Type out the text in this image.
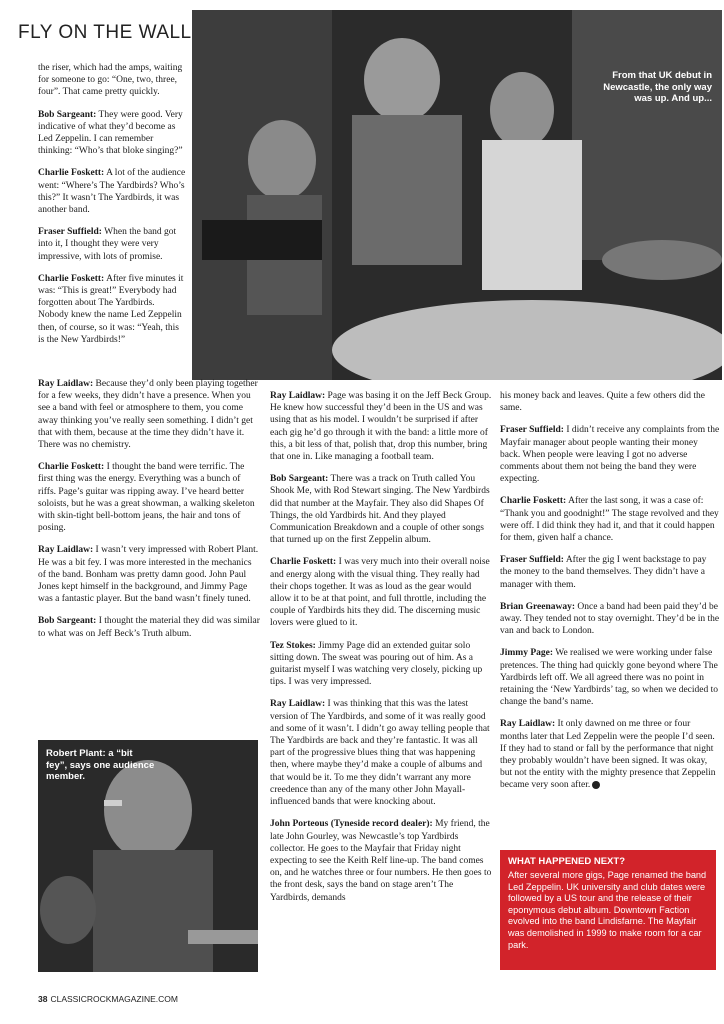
FLY ON THE WALL
From that UK debut in Newcastle, the only way was up. And up...

the riser, which had the amps, waiting for someone to go: “One, two, three, four”. That came pretty quickly.

Bob Sargeant: They were good. Very indicative of what they’d become as Led Zeppelin. I can remember thinking: “Who’s that bloke singing?”

Charlie Foskett: A lot of the audience went: “Where’s The Yardbirds? Who’s this?” It wasn’t The Yardbirds, it was another band.

Fraser Suffield: When the band got into it, I thought they were very impressive, with lots of promise.

Charlie Foskett: After five minutes it was: “This is great!” Everybody had forgotten about The Yardbirds. Nobody knew the name Led Zeppelin then, of course, so it was: “Yeah, this is the New Yardbirds!”

Ray Laidlaw: Because they’d only been playing together for a few weeks, they didn’t have a presence. When you see a band with feel or atmosphere to them, you come away thinking you’ve really seen something. I didn’t get that with them, because at the time they didn’t have it. There was no chemistry.

Charlie Foskett: I thought the band were terrific. The first thing was the energy. Everything was a bunch of riffs. Page’s guitar was ripping away. I’ve heard better soloists, but he was a great showman, a walking skeleton with skin-tight bell-bottom jeans, the hair and tons of posing.

Ray Laidlaw: I wasn’t very impressed with Robert Plant. He was a bit fey. I was more interested in the mechanics of the band. Bonham was pretty damn good. John Paul Jones kept himself in the background, and Jimmy Page was a fantastic player. But the band wasn’t finely tuned.

Bob Sargeant: I thought the material they did was similar to what was on Jeff Beck’s Truth album.

Robert Plant: a “bit fey”, says one audience member.

Ray Laidlaw: Page was basing it on the Jeff Beck Group. He knew how successful they’d been in the US and was using that as his model. I wouldn’t be surprised if after each gig he’d go through it with the band: a little more of this, a bit less of that, polish that, drop this number, bring that one in. Like managing a football team.

Bob Sargeant: There was a track on Truth called You Shook Me, with Rod Stewart singing. The New Yardbirds did that number at the Mayfair. They also did Shapes Of Things, the old Yardbirds hit. And they played Communication Breakdown and a couple of other songs that turned up on the first Zeppelin album.

Charlie Foskett: I was very much into their overall noise and energy along with the visual thing. They really had their chops together. It was as loud as the gear would allow it to be at that point, and full throttle, including the couple of Yardbirds hits they did. The discerning music lovers were glued to it.

Tez Stokes: Jimmy Page did an extended guitar solo sitting down. The sweat was pouring out of him. As a guitarist myself I was watching very closely, picking up tips. I was very impressed.

Ray Laidlaw: I was thinking that this was the latest version of The Yardbirds, and some of it was really good and some of it wasn’t. I didn’t go away telling people that The Yardbirds are back and they’re fantastic. It was all part of the progressive blues thing that was happening then, where maybe they’d make a couple of albums and that would be it. To me they didn’t warrant any more creedence than any of the many other John Mayall-influenced bands that were knocking about.

John Porteous (Tyneside record dealer): My friend, the late John Gourley, was Newcastle’s top Yardbirds collector. He goes to the Mayfair that Friday night expecting to see the Keith Relf line-up. The band comes on, and he watches three or four numbers. He then goes to the front desk, says the band on stage aren’t The Yardbirds, demands

his money back and leaves. Quite a few others did the same.

Fraser Suffield: I didn’t receive any complaints from the Mayfair manager about people wanting their money back. When people were leaving I got no adverse comments about them not being the band they were expecting.

Charlie Foskett: After the last song, it was a case of: “Thank you and goodnight!” The stage revolved and they were off. I did think they had it, and that it could happen for them, given half a chance.

Fraser Suffield: After the gig I went backstage to pay the money to the band themselves. They didn’t have a manager with them.

Brian Greenaway: Once a band had been paid they’d be away. They tended not to stay overnight. They’d be in the van and back to London.

Jimmy Page: We realised we were working under false pretences. The thing had quickly gone beyond where The Yardbirds left off. We all agreed there was no point in retaining the ‘New Yardbirds’ tag, so when we decided to change the band’s name.

Ray Laidlaw: It only dawned on me three or four months later that Led Zeppelin were the people I’d seen. If they had to stand or fall by the performance that night they probably wouldn’t have been signed. It was okay, but not the entity with the mighty presence that Zeppelin became very soon after.

WHAT HAPPENED NEXT?
After several more gigs, Page renamed the band Led Zeppelin. UK university and club dates were followed by a US tour and the release of their eponymous debut album. Downtown Faction evolved into the band Lindisfarne. The Mayfair was demolished in 1999 to make room for a car park.
38 CLASSICROCKMAGAZINE.COM
